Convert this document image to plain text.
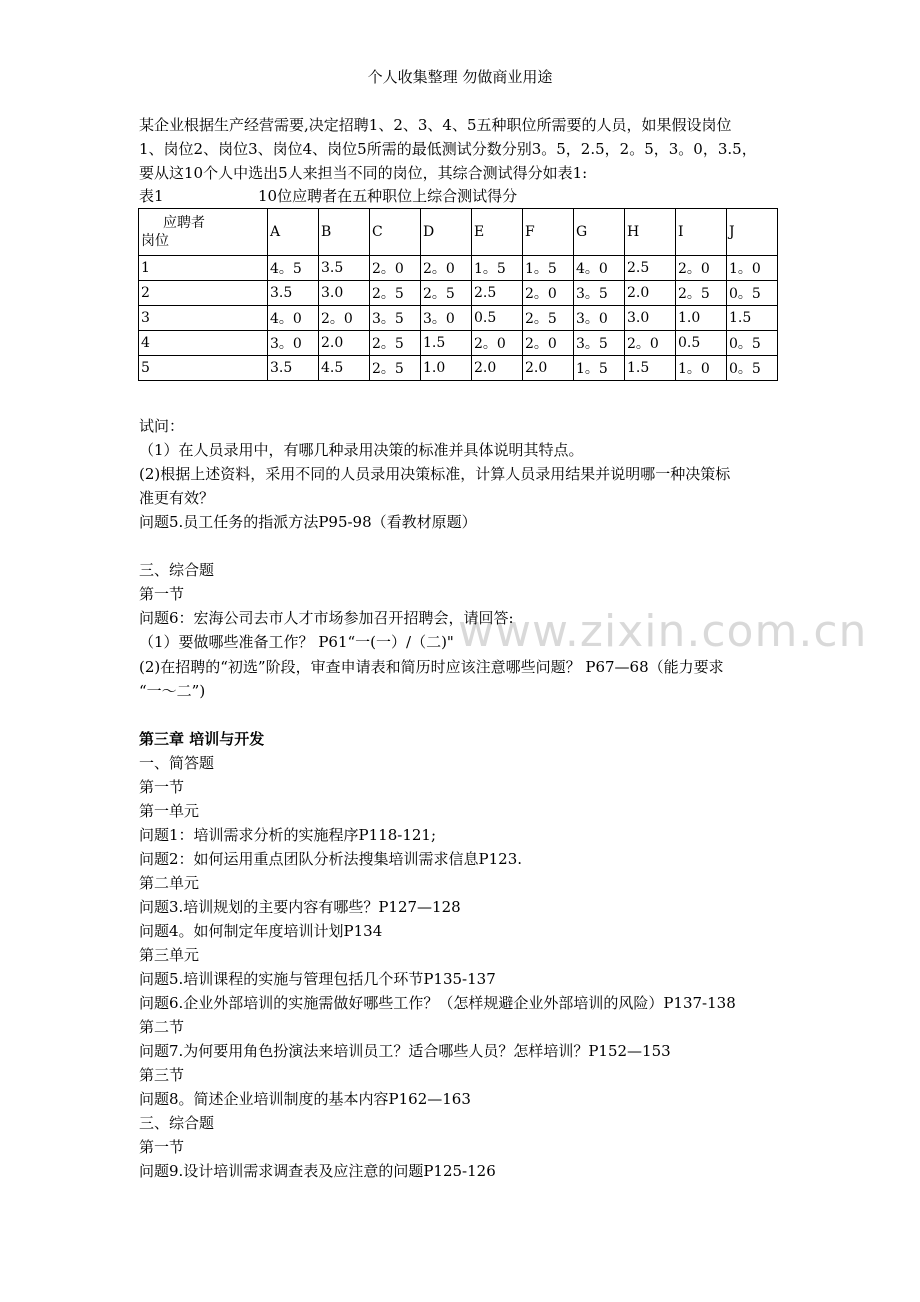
个人收集整理 勿做商业用途
www.zixin.com.cn
某企业根据生产经营需要,决定招聘1、2、3、4、5五种职位所需要的人员，如果假设岗位
1、岗位2、岗位3、岗位4、岗位5所需的最低测试分数分别3。5，2.5，2。5，3。0，3.5，
要从这10个人中选出5人来担当不同的岗位，其综合测试得分如表1:
表1	10位应聘者在五种职位上综合测试得分
应聘者
岗位	A	B	C	D	E	F	G	H	I	J
1	4。5	3.5	2。0	2。0	1。5	1。5	4。0	2.5	2。0	1。0
2	3.5	3.0	2。5	2。5	2.5	2。0	3。5	2.0	2。5	0。5
3	4。0	2。0	3。5	3。0	0.5	2。5	3。0	3.0	1.0	1.5
4	3。0	2.0	2。5	1.5	2。0	2。0	3。5	2。0	0.5	0。5
5	3.5	4.5	2。5	1.0	2.0	2.0	1。5	1.5	1。0	0。5
试问：
（1）在人员录用中，有哪几种录用决策的标准并具体说明其特点。
(2)根据上述资料，采用不同的人员录用决策标准，计算人员录用结果并说明哪一种决策标
准更有效？
问题5.员工任务的指派方法P95-98（看教材原题）
三、综合题
第一节
问题6：宏海公司去市人才市场参加召开招聘会，请回答:
（1）要做哪些准备工作？ P61“一(一）/（二)"
(2)在招聘的“初选”阶段，审查申请表和简历时应该注意哪些问题？ P67—68（能力要求
“一～二”)
第三章 培训与开发
一、简答题
第一节
第一单元
问题1：培训需求分析的实施程序P118-121;
问题2：如何运用重点团队分析法搜集培训需求信息P123.
第二单元
问题3.培训规划的主要内容有哪些？P127—128
问题4。如何制定年度培训计划P134
第三单元
问题5.培训课程的实施与管理包括几个环节P135-137
问题6.企业外部培训的实施需做好哪些工作？（怎样规避企业外部培训的风险）P137-138
第二节
问题7.为何要用角色扮演法来培训员工？适合哪些人员？怎样培训？P152—153
第三节
问题8。简述企业培训制度的基本内容P162—163
三、综合题
第一节
问题9.设计培训需求调查表及应注意的问题P125-126
